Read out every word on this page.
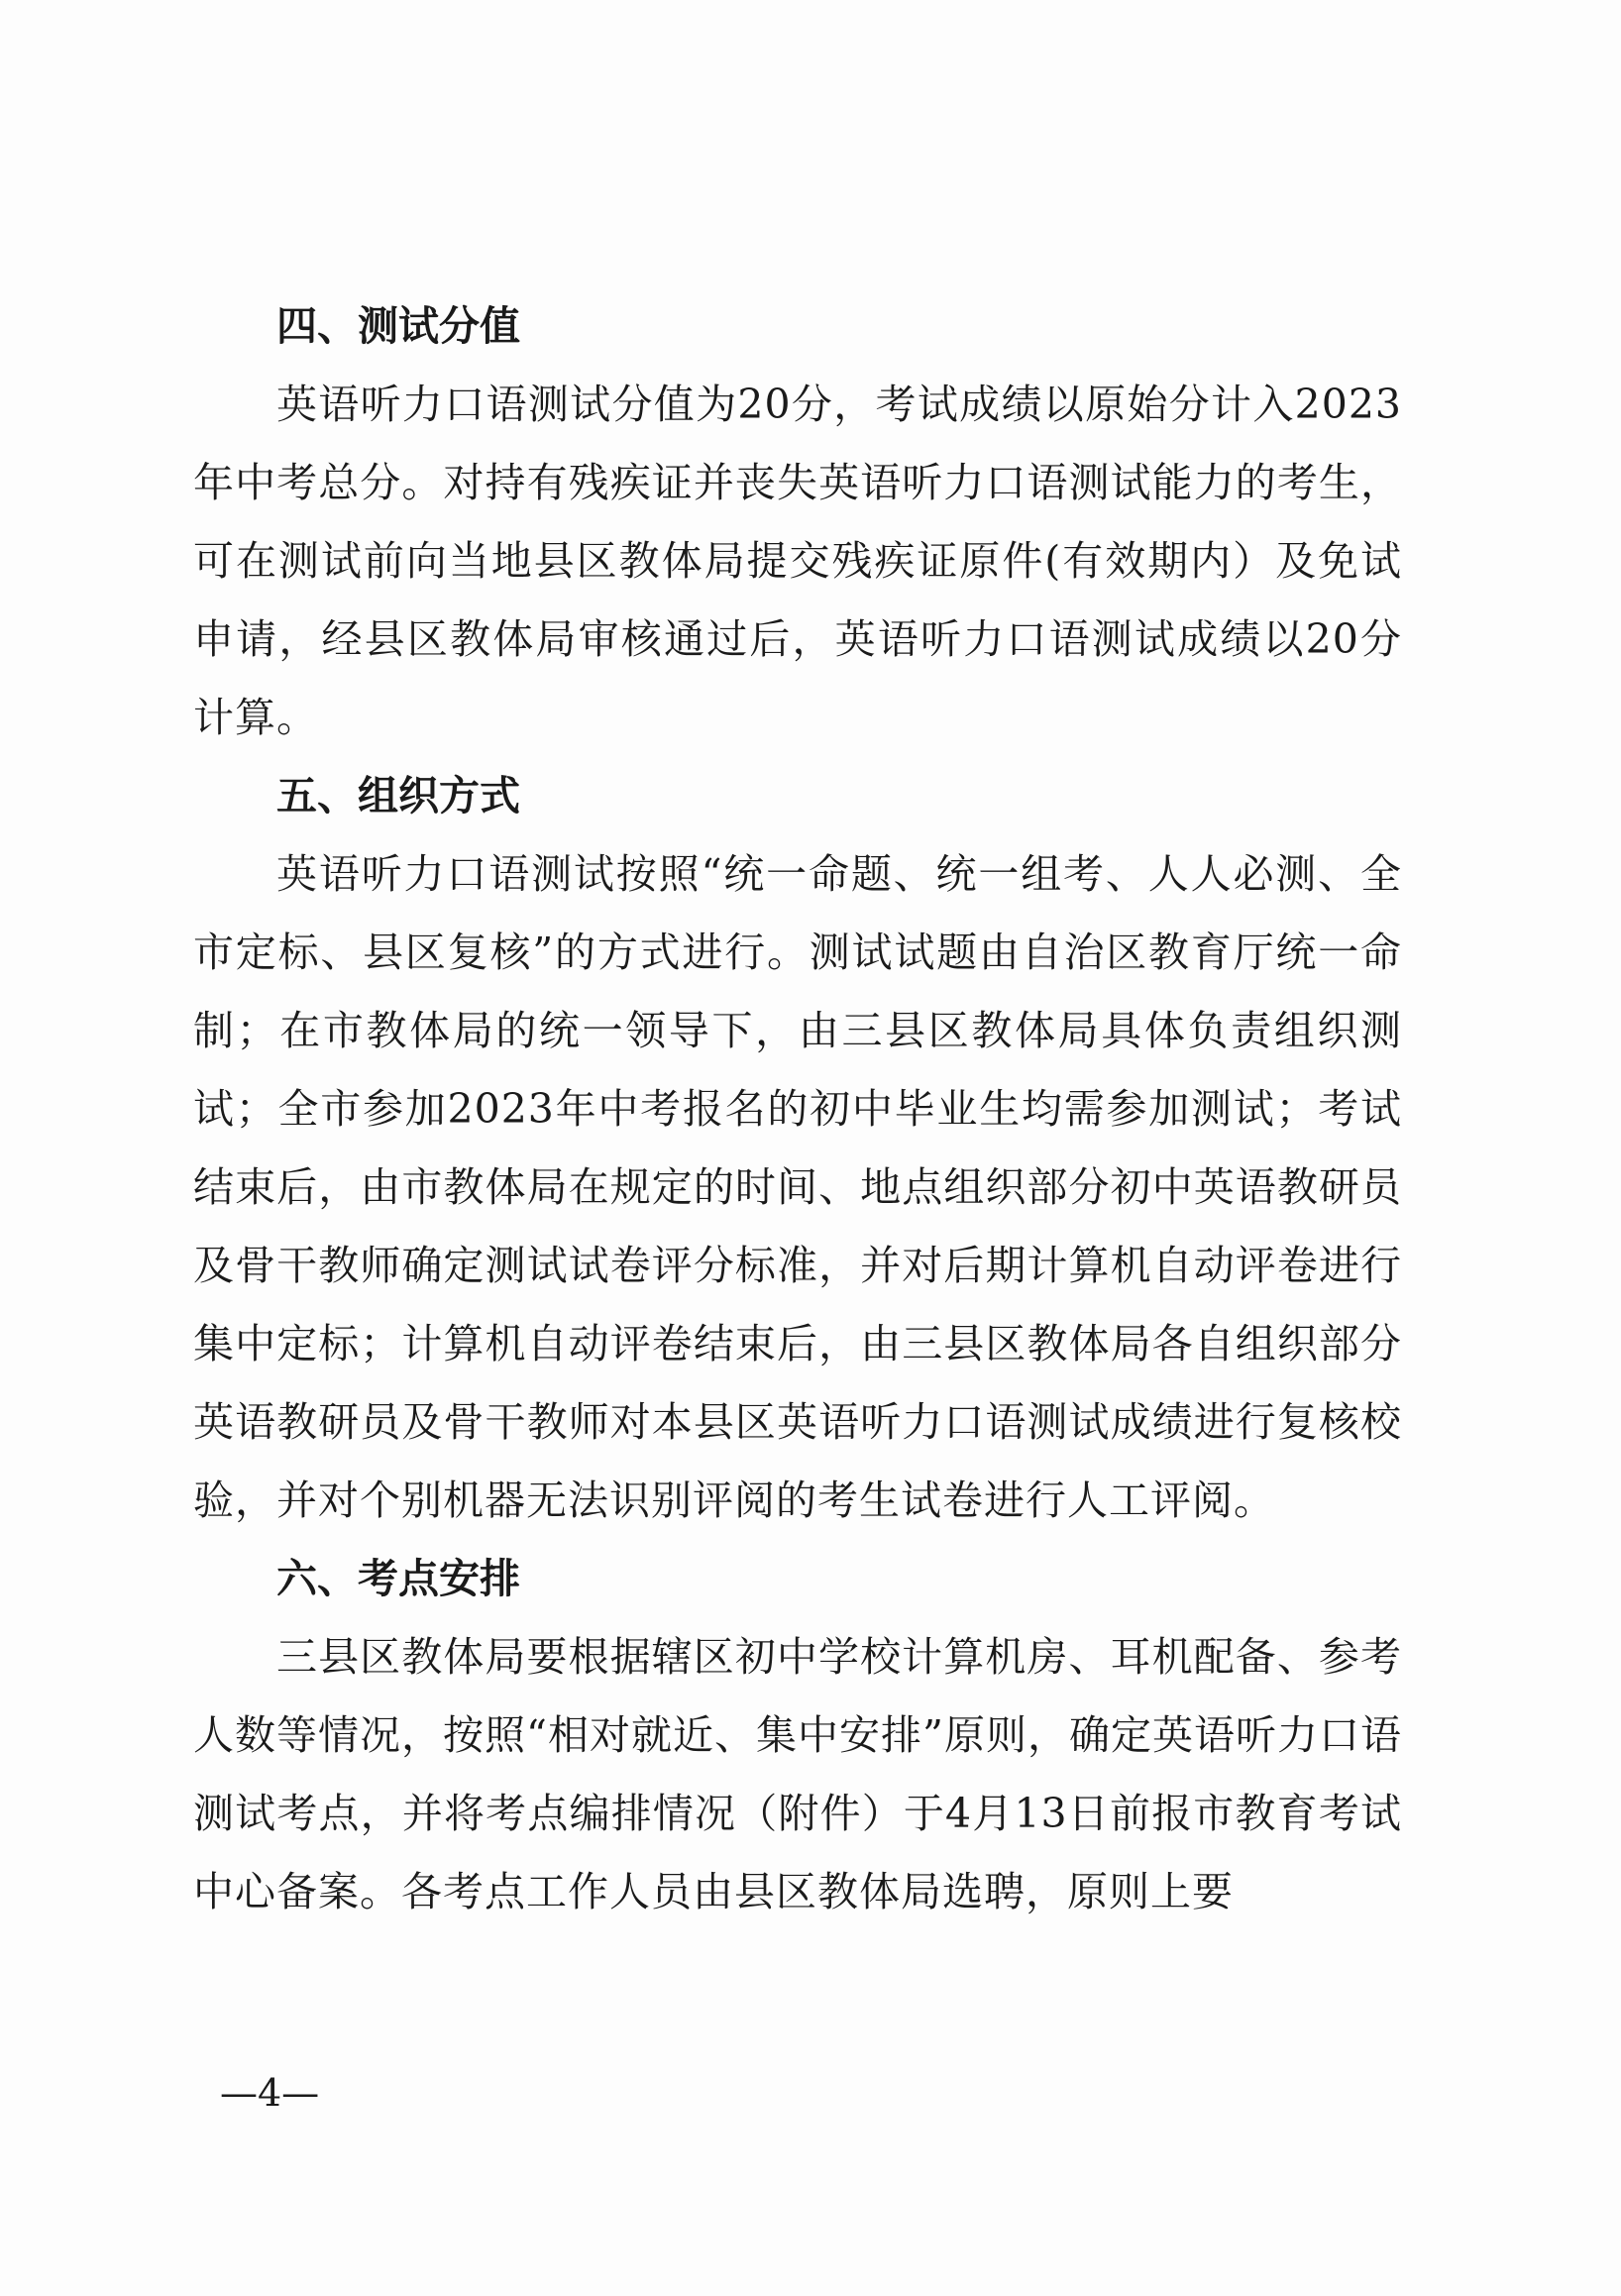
四、测试分值

英语听力口语测试分值为20分，考试成绩以原始分计入2023年中考总分。对持有残疾证并丧失英语听力口语测试能力的考生，可在测试前向当地县区教体局提交残疾证原件(有效期内）及免试申请，经县区教体局审核通过后，英语听力口语测试成绩以20分计算。

五、组织方式

英语听力口语测试按照“统一命题、统一组考、人人必测、全市定标、县区复核”的方式进行。测试试题由自治区教育厅统一命制；在市教体局的统一领导下，由三县区教体局具体负责组织测试；全市参加2023年中考报名的初中毕业生均需参加测试；考试结束后，由市教体局在规定的时间、地点组织部分初中英语教研员及骨干教师确定测试试卷评分标准，并对后期计算机自动评卷进行集中定标；计算机自动评卷结束后，由三县区教体局各自组织部分英语教研员及骨干教师对本县区英语听力口语测试成绩进行复核校验，并对个别机器无法识别评阅的考生试卷进行人工评阅。

六、考点安排

三县区教体局要根据辖区初中学校计算机房、耳机配备、参考人数等情况，按照“相对就近、集中安排”原则，确定英语听力口语测试考点，并将考点编排情况（附件）于4月13日前报市教育考试中心备案。各考点工作人员由县区教体局选聘，原则上要

—4—
